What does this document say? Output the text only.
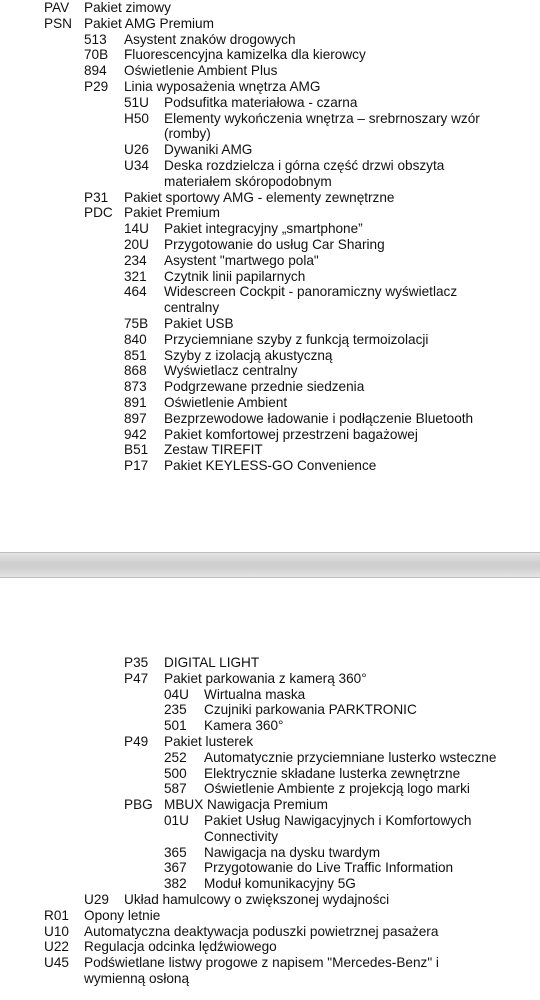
PAV	Pakiet zimowy
PSN Pakiet AMG Premium
513	Asystent znaków drogowych
70B	Fluorescencyjna kamizelka dla kierowcy
894	Oświetlenie Ambient Plus
P29	Linia wyposażenia wnętrza AMG
51U	Podsufitka materiałowa - czarna
H50	Elementy wykończenia wnętrza – srebrnoszary wzór (romby)
U26	Dywaniki AMG
U34	Deska rozdzielcza i górna część drzwi obszyta materiałem skóropodobnym
P31	Pakiet sportowy AMG - elementy zewnętrzne
PDC Pakiet Premium
14U	Pakiet integracyjny „smartphone”
20U	Przygotowanie do usług Car Sharing
234	Asystent "martwego pola"
321	Czytnik linii papilarnych
464	Widescreen Cockpit - panoramiczny wyświetlacz centralny
75B	Pakiet USB
840	Przyciemniane szyby z funkcją termoizolacji
851	Szyby z izolacją akustyczną
868	Wyświetlacz centralny
873	Podgrzewane przednie siedzenia
891	Oświetlenie Ambient
897	Bezprzewodowe ładowanie i podłączenie Bluetooth
942	Pakiet komfortowej przestrzeni bagażowej
B51	Zestaw TIREFIT
P17	Pakiet KEYLESS-GO Convenience
P35	DIGITAL LIGHT
P47	Pakiet parkowania z kamerą 360°
04U	Wirtualna maska
235	Czujniki parkowania PARKTRONIC
501	Kamera 360°
P49	Pakiet lusterek
252	Automatycznie przyciemniane lusterko wsteczne
500	Elektrycznie składane lusterka zewnętrzne
587	Oświetlenie Ambiente z projekcją logo marki
PBG MBUX Nawigacja Premium
01U	Pakiet Usług Nawigacyjnych i Komfortowych Connectivity
365	Nawigacja na dysku twardym
367	Przygotowanie do Live Traffic Information
382	Moduł komunikacyjny 5G
U29	Układ hamulcowy o zwiększonej wydajności
R01	Opony letnie
U10	Automatyczna deaktywacja poduszki powietrznej pasażera
U22	Regulacja odcinka lędźwiowego
U45	Podświetlane listwy progowe z napisem "Mercedes-Benz" i wymienną osłoną
